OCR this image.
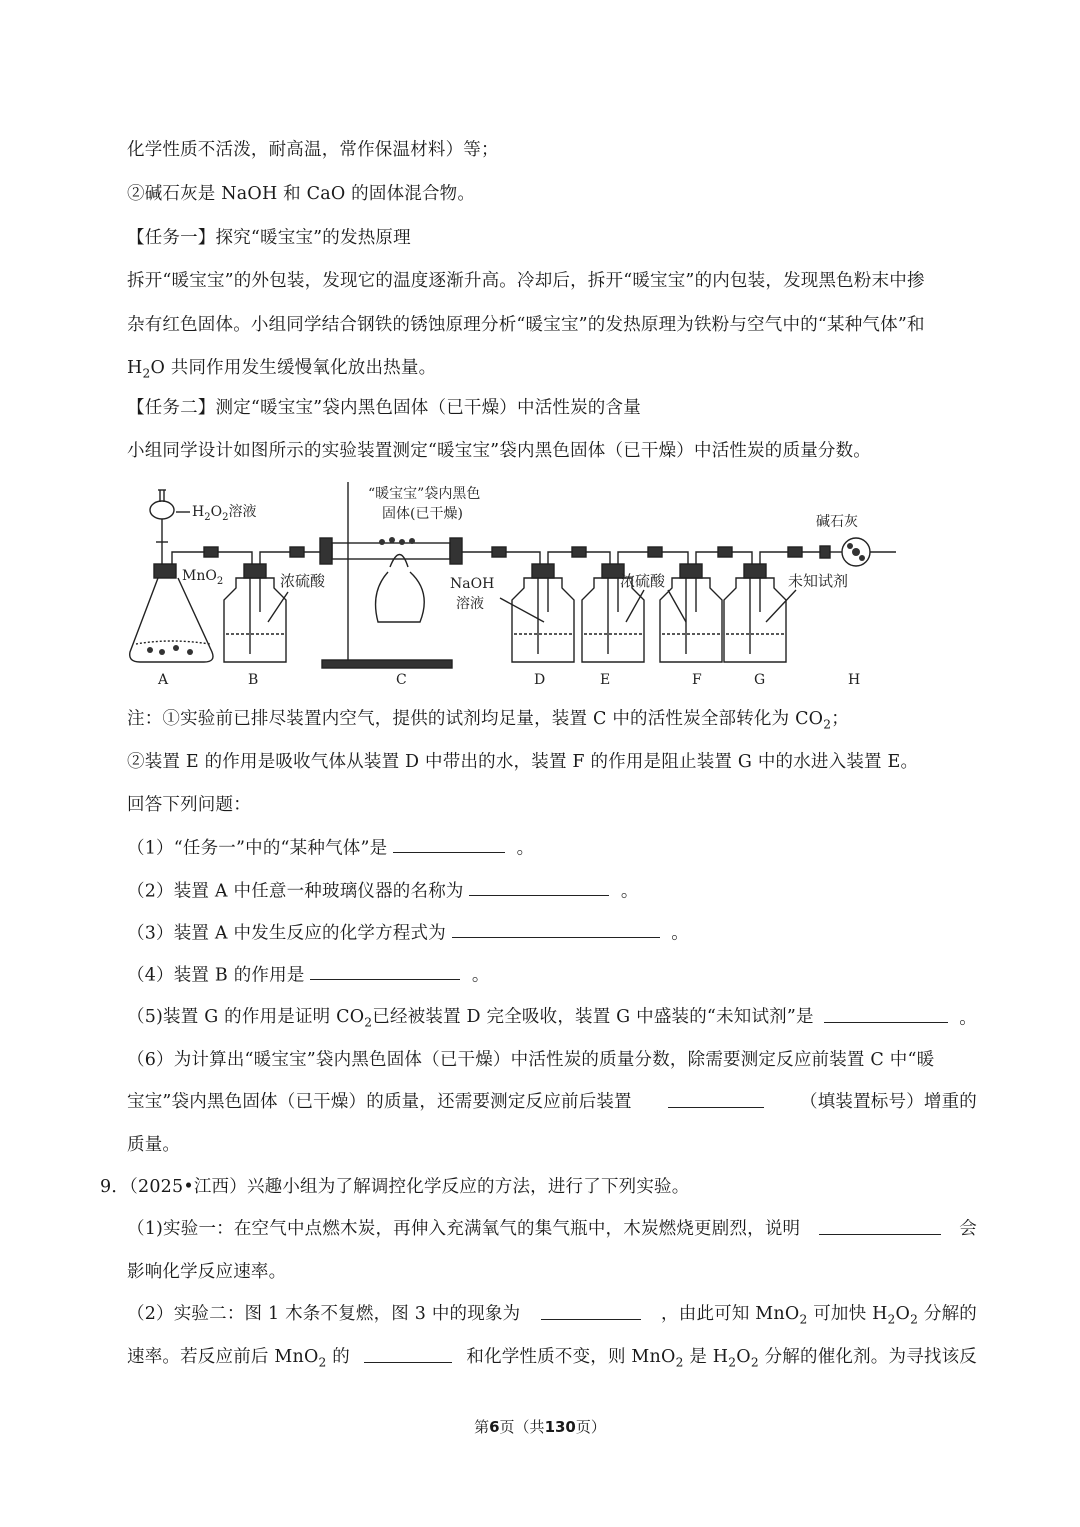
化学性质不活泼，耐高温，常作保温材料）等；
②碱石灰是 NaOH 和 CaO 的固体混合物。
【任务一】探究“暖宝宝”的发热原理
拆开“暖宝宝”的外包装，发现它的温度逐渐升高。冷却后，拆开“暖宝宝”的内包装，发现黑色粉末中掺
杂有红色固体。小组同学结合钢铁的锈蚀原理分析“暖宝宝”的发热原理为铁粉与空气中的“某种气体”和
$H_2O$ 共同作用发生缓慢氧化放出热量。
【任务二】测定“暖宝宝”袋内黑色固体（已干燥）中活性炭的含量
小组同学设计如图所示的实验装置测定“暖宝宝”袋内黑色固体（已干燥）中活性炭的质量分数。
$H_2O_2$溶液
MnO$_2$
“暖宝宝”袋内黑色
固体(已干燥)
浓硫酸	NaOH
溶液
浓硫酸	未知试剂
碱石灰
A	B	C	D	E	F	G	H
注：①实验前已排尽装置内空气，提供的试剂均足量，装置 C 中的活性炭全部转化为 $CO_2$；
②装置 E 的作用是吸收气体从装置 D 中带出的水，装置 F 的作用是阻止装置 G 中的水进入装置 E。
回答下列问题：
（1）“任务一”中的“某种气体”是	。
（2）装置 A 中任意一种玻璃仪器的名称为	。
（3）装置 A 中发生反应的化学方程式为	。
（4）装置 B 的作用是	。
（5)装置 G 的作用是证明 $CO_2$已经被装置 D 完全吸收，装置 G 中盛装的“未知试剂”是	。
（6）为计算出“暖宝宝”袋内黑色固体（已干燥）中活性炭的质量分数，除需要测定反应前装置 C 中“暖
宝宝”袋内黑色固体（已干燥）的质量，还需要测定反应前后装置	（填装置标号）增重的
质量。
9．（2025•江西）兴趣小组为了解调控化学反应的方法，进行了下列实验。
（1)实验一：在空气中点燃木炭，再伸入充满氧气的集气瓶中，木炭燃烧更剧烈，说明	会
影响化学反应速率。
（2）实验二：图 1 木条不复燃，图 3 中的现象为	，由此可知 MnO$_2$ 可加快 $H_2O_2$ 分解的
速率。若反应前后 MnO$_2$ 的	和化学性质不变，则 MnO$_2$ 是 $H_2O_2$ 分解的催化剂。为寻找该反
第6页（共130页）
